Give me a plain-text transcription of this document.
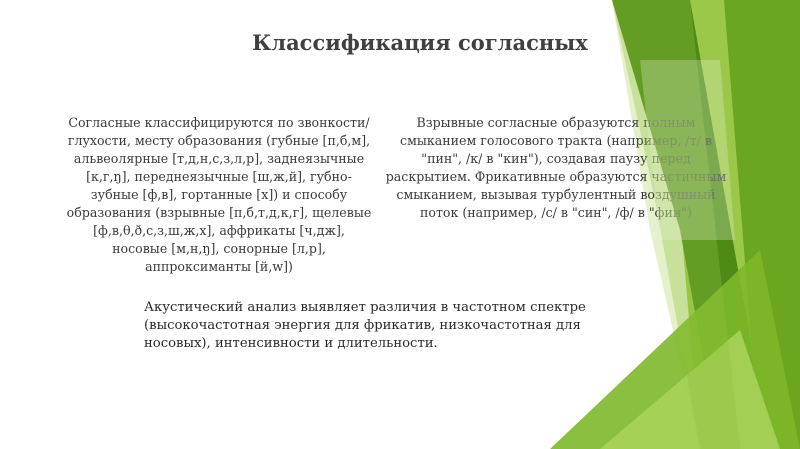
Классификация согласных

Согласные классифицируются по звонкости/глухости, месту образования (губные [п,б,м], альвеолярные [т,д,н,с,з,л,р], заднеязычные [к,г,ŋ], переднеязычные [ш,ж,й], губно-зубные [ф,в], гортанные [х]) и способу образования (взрывные [п,б,т,д,к,г], щелевые [ф,в,θ,ð,с,з,ш,ж,х], аффрикаты [ч,дж], носовые [м,н,ŋ], сонорные [л,р], аппроксиманты [й,w])

Взрывные согласные образуются полным смыканием голосового тракта (например, /т/ в "пин", /к/ в "кин"), создавая паузу перед раскрытием. Фрикативные образуются частичным смыканием, вызывая турбулентный воздушный поток (например, /с/ в "син", /ф/ в "фин")

Акустический анализ выявляет различия в частотном спектре (высокочастотная энергия для фрикатив, низкочастотная для носовых), интенсивности и длительности.
